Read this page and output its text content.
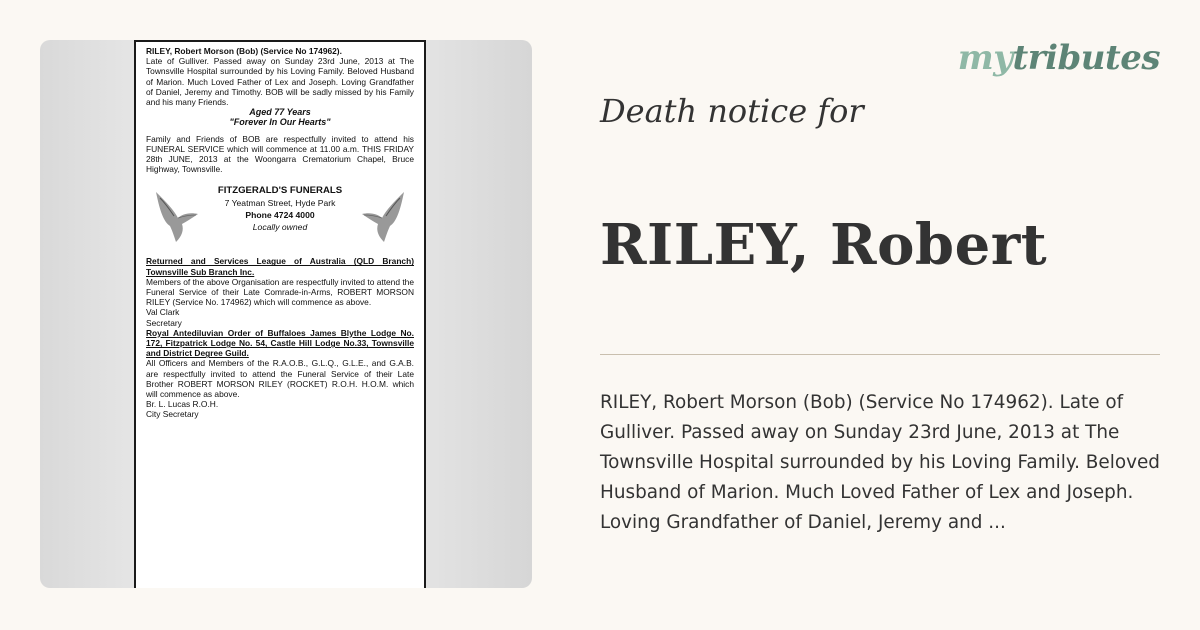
RILEY, Robert Morson (Bob) (Service No 174962).

Late of Gulliver. Passed away on Sunday 23rd June, 2013 at The Townsville Hospital surrounded by his Loving Family. Beloved Husband of Marion. Much Loved Father of Lex and Joseph. Loving Grandfather of Daniel, Jeremy and Timothy. BOB will be sadly missed by his Family and his many Friends.

Aged 77 Years

"Forever In Our Hearts"

Family and Friends of BOB are respectfully invited to attend his FUNERAL SERVICE which will commence at 11.00 a.m. THIS FRIDAY 28th JUNE, 2013 at the Woongarra Crematorium Chapel, Bruce Highway, Townsville.

FITZGERALD'S FUNERALS
7 Yeatman Street, Hyde Park
Phone 4724 4000
Locally owned

Returned and Services League of Australia (QLD Branch) Townsville Sub Branch Inc.

Members of the above Organisation are respectfully invited to attend the Funeral Service of their Late Comrade-in-Arms, ROBERT MORSON RILEY (Service No. 174962) which will commence as above.

Val Clark

Secretary

Royal Antediluvian Order of Buffaloes James Blythe Lodge No. 172, Fitzpatrick Lodge No. 54, Castle Hill Lodge No.33, Townsville and District Degree Guild.

All Officers and Members of the R.A.O.B., G.L.Q., G.L.E., and G.A.B. are respectfully invited to attend the Funeral Service of their Late Brother ROBERT MORSON RILEY (ROCKET) R.O.H. H.O.M. which will commence as above.

Br. L. Lucas R.O.H.

City Secretary

mytributes
Death notice for
RILEY, Robert
RILEY, Robert Morson (Bob) (Service No 174962). Late of Gulliver. Passed away on Sunday 23rd June, 2013 at The Townsville Hospital surrounded by his Loving Family. Beloved Husband of Marion. Much Loved Father of Lex and Joseph. Loving Grandfather of Daniel, Jeremy and ...
